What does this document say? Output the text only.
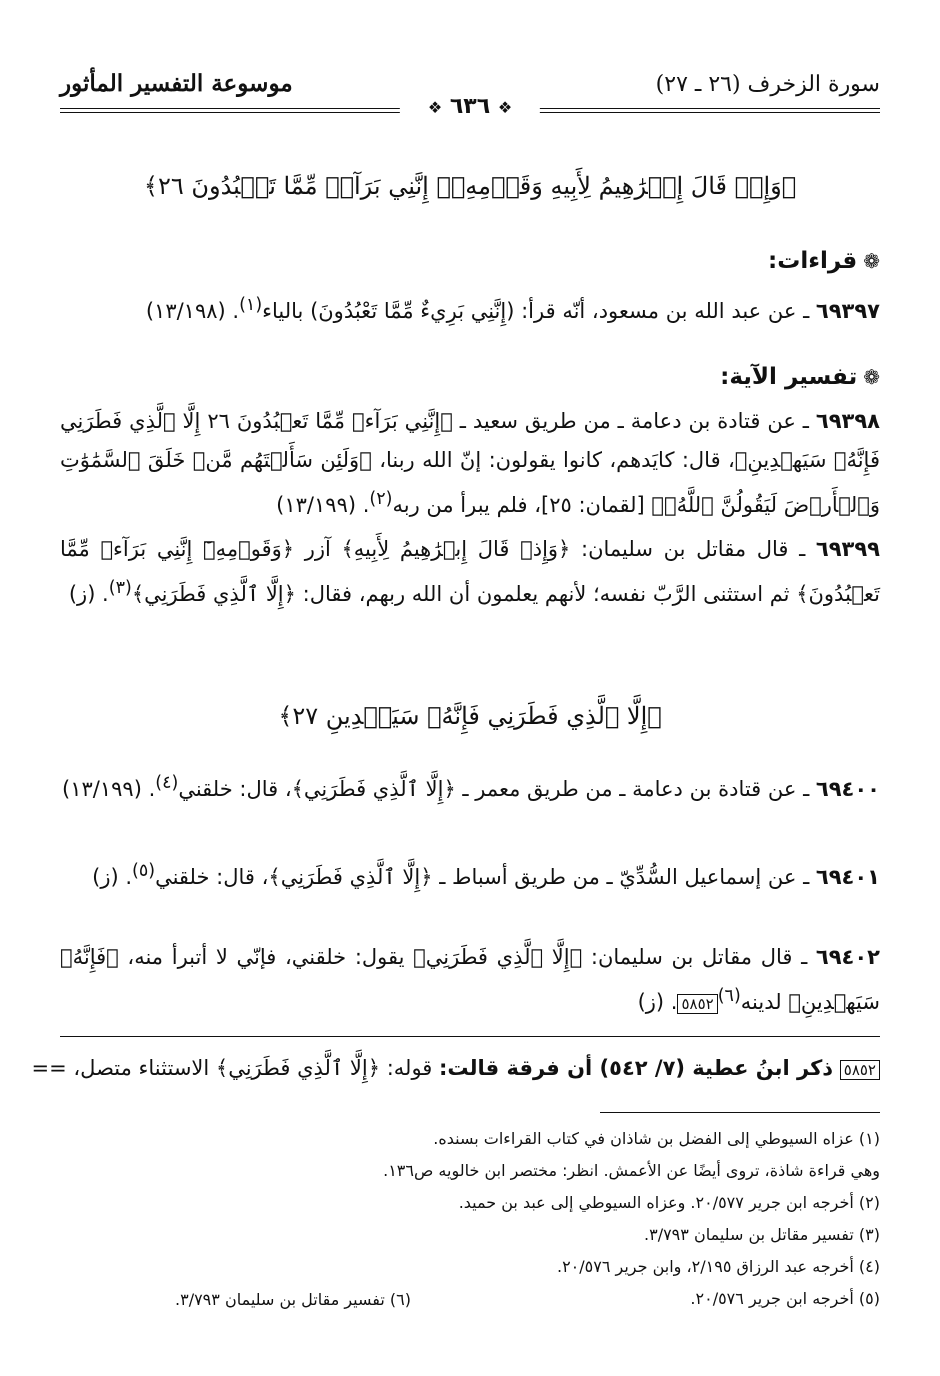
سورة الزخرف (٢٦ ـ ٢٧)
موسوعة التفسير المأثور
❖ ٦٣٦ ❖
﴿وَإِذۡ قَالَ إِبۡرَٰهِيمُ لِأَبِيهِ وَقَوۡمِهِۦٓ إِنَّنِي بَرَآءٞ مِّمَّا تَعۡبُدُونَ ٢٦﴾
❁قراءات:
٦٩٣٩٧ ـ عن عبد الله بن مسعود، أنّه قرأ: (إِنَّنِي بَرِيءٌ مِّمَّا تَعْبُدُونَ) بالياء$^{(١)}$. (١٣/١٩٨)
❁تفسير الآية:
٦٩٣٩٨ ـ عن قتادة بن دعامة ـ من طريق سعيد ـ ﴿إِنَّنِي بَرَآءٞ مِّمَّا تَعۡبُدُونَ ٢٦ إِلَّا ٱلَّذِي فَطَرَنِي فَإِنَّهُۥ سَيَهۡدِينِ﴾، قال: كايَدهم، كانوا يقولون: إنّ الله ربنا، ﴿وَلَئِن سَأَلۡتَهُم مَّنۡ خَلَقَ ٱلسَّمَٰوَٰتِ وَٱلۡأَرۡضَ لَيَقُولُنَّ ٱللَّهُۚ﴾ [لقمان: ٢٥]، فلم يبرأ من ربه$^{(٢)}$. (١٣/١٩٩)
٦٩٣٩٩ ـ قال مقاتل بن سليمان: ﴿وَإِذۡ قَالَ إِبۡرَٰهِيمُ لِأَبِيهِ﴾ آزر ﴿وَقَوۡمِهِۦٓ إِنَّنِي بَرَآءٞ مِّمَّا تَعۡبُدُونَ﴾ ثم استثنى الرَّبّ نفسه؛ لأنهم يعلمون أن الله ربهم، فقال: ﴿إِلَّا ٱلَّذِي فَطَرَنِي﴾$^{(٣)}$. (ز)
﴿إِلَّا ٱلَّذِي فَطَرَنِي فَإِنَّهُۥ سَيَهۡدِينِ ٢٧﴾
٦٩٤٠٠ ـ عن قتادة بن دعامة ـ من طريق معمر ـ ﴿إِلَّا ٱلَّذِي فَطَرَنِي﴾، قال: خلقني$^{(٤)}$. (١٣/١٩٩)
٦٩٤٠١ ـ عن إسماعيل السُّدِّيّ ـ من طريق أسباط ـ ﴿إِلَّا ٱلَّذِي فَطَرَنِي﴾، قال: خلقني$^{(٥)}$. (ز)
٦٩٤٠٢ ـ قال مقاتل بن سليمان: ﴿إِلَّا ٱلَّذِي فَطَرَنِي﴾ يقول: خلقني، فإنّي لا أتبرأ منه، ﴿فَإِنَّهُۥ سَيَهۡدِينِ﴾ لدينه$^{(٦)}$٥٨٥٢. (ز)
٥٨٥٢ ذكر ابنُ عطية (٧/ ٥٤٢) أن فرقة قالت: قوله: ﴿إِلَّا ٱلَّذِي فَطَرَنِي﴾ الاستثناء متصل، ==
(١) عزاه السيوطي إلى الفضل بن شاذان في كتاب القراءات بسنده.
وهي قراءة شاذة، تروى أيضًا عن الأعمش. انظر: مختصر ابن خالويه ص١٣٦.
(٢) أخرجه ابن جرير ٢٠/٥٧٧. وعزاه السيوطي إلى عبد بن حميد.
(٣) تفسير مقاتل بن سليمان ٣/٧٩٣.
(٤) أخرجه عبد الرزاق ٢/١٩٥، وابن جرير ٢٠/٥٧٦.
(٥) أخرجه ابن جرير ٢٠/٥٧٦.
(٦) تفسير مقاتل بن سليمان ٣/٧٩٣.
